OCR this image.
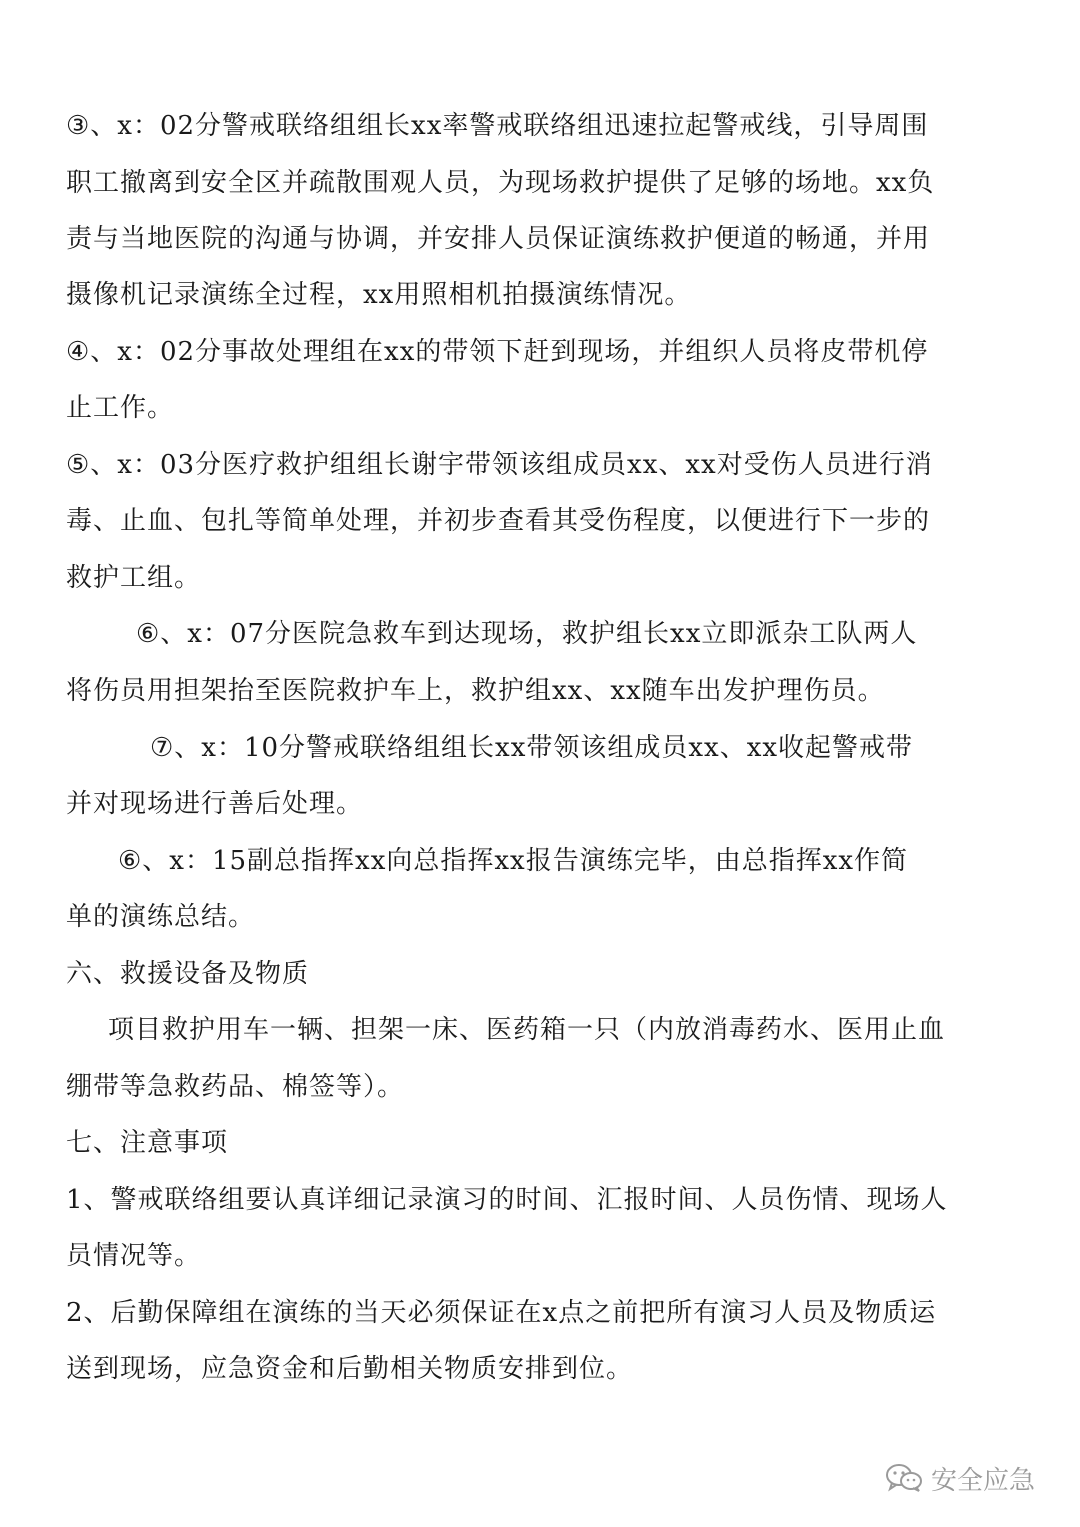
③、x：02分警戒联络组组长xx率警戒联络组迅速拉起警戒线，引导周围
职工撤离到安全区并疏散围观人员，为现场救护提供了足够的场地。xx负
责与当地医院的沟通与协调，并安排人员保证演练救护便道的畅通，并用
摄像机记录演练全过程，xx用照相机拍摄演练情况。
④、x：02分事故处理组在xx的带领下赶到现场，并组织人员将皮带机停
止工作。
⑤、x：03分医疗救护组组长谢宇带领该组成员xx、xx对受伤人员进行消
毒、止血、包扎等简单处理，并初步查看其受伤程度，以便进行下一步的
救护工组。
⑥、x：07分医院急救车到达现场，救护组长xx立即派杂工队两人
将伤员用担架抬至医院救护车上，救护组xx、xx随车出发护理伤员。
⑦、x：10分警戒联络组组长xx带领该组成员xx、xx收起警戒带
并对现场进行善后处理。
⑥、x：15副总指挥xx向总指挥xx报告演练完毕，由总指挥xx作简
单的演练总结。
六、救援设备及物质
项目救护用车一辆、担架一床、医药箱一只（内放消毒药水、医用止血
绷带等急救药品、棉签等）。
七、注意事项
1、警戒联络组要认真详细记录演习的时间、汇报时间、人员伤情、现场人
员情况等。
2、后勤保障组在演练的当天必须保证在x点之前把所有演习人员及物质运
送到现场，应急资金和后勤相关物质安排到位。
安全应急
